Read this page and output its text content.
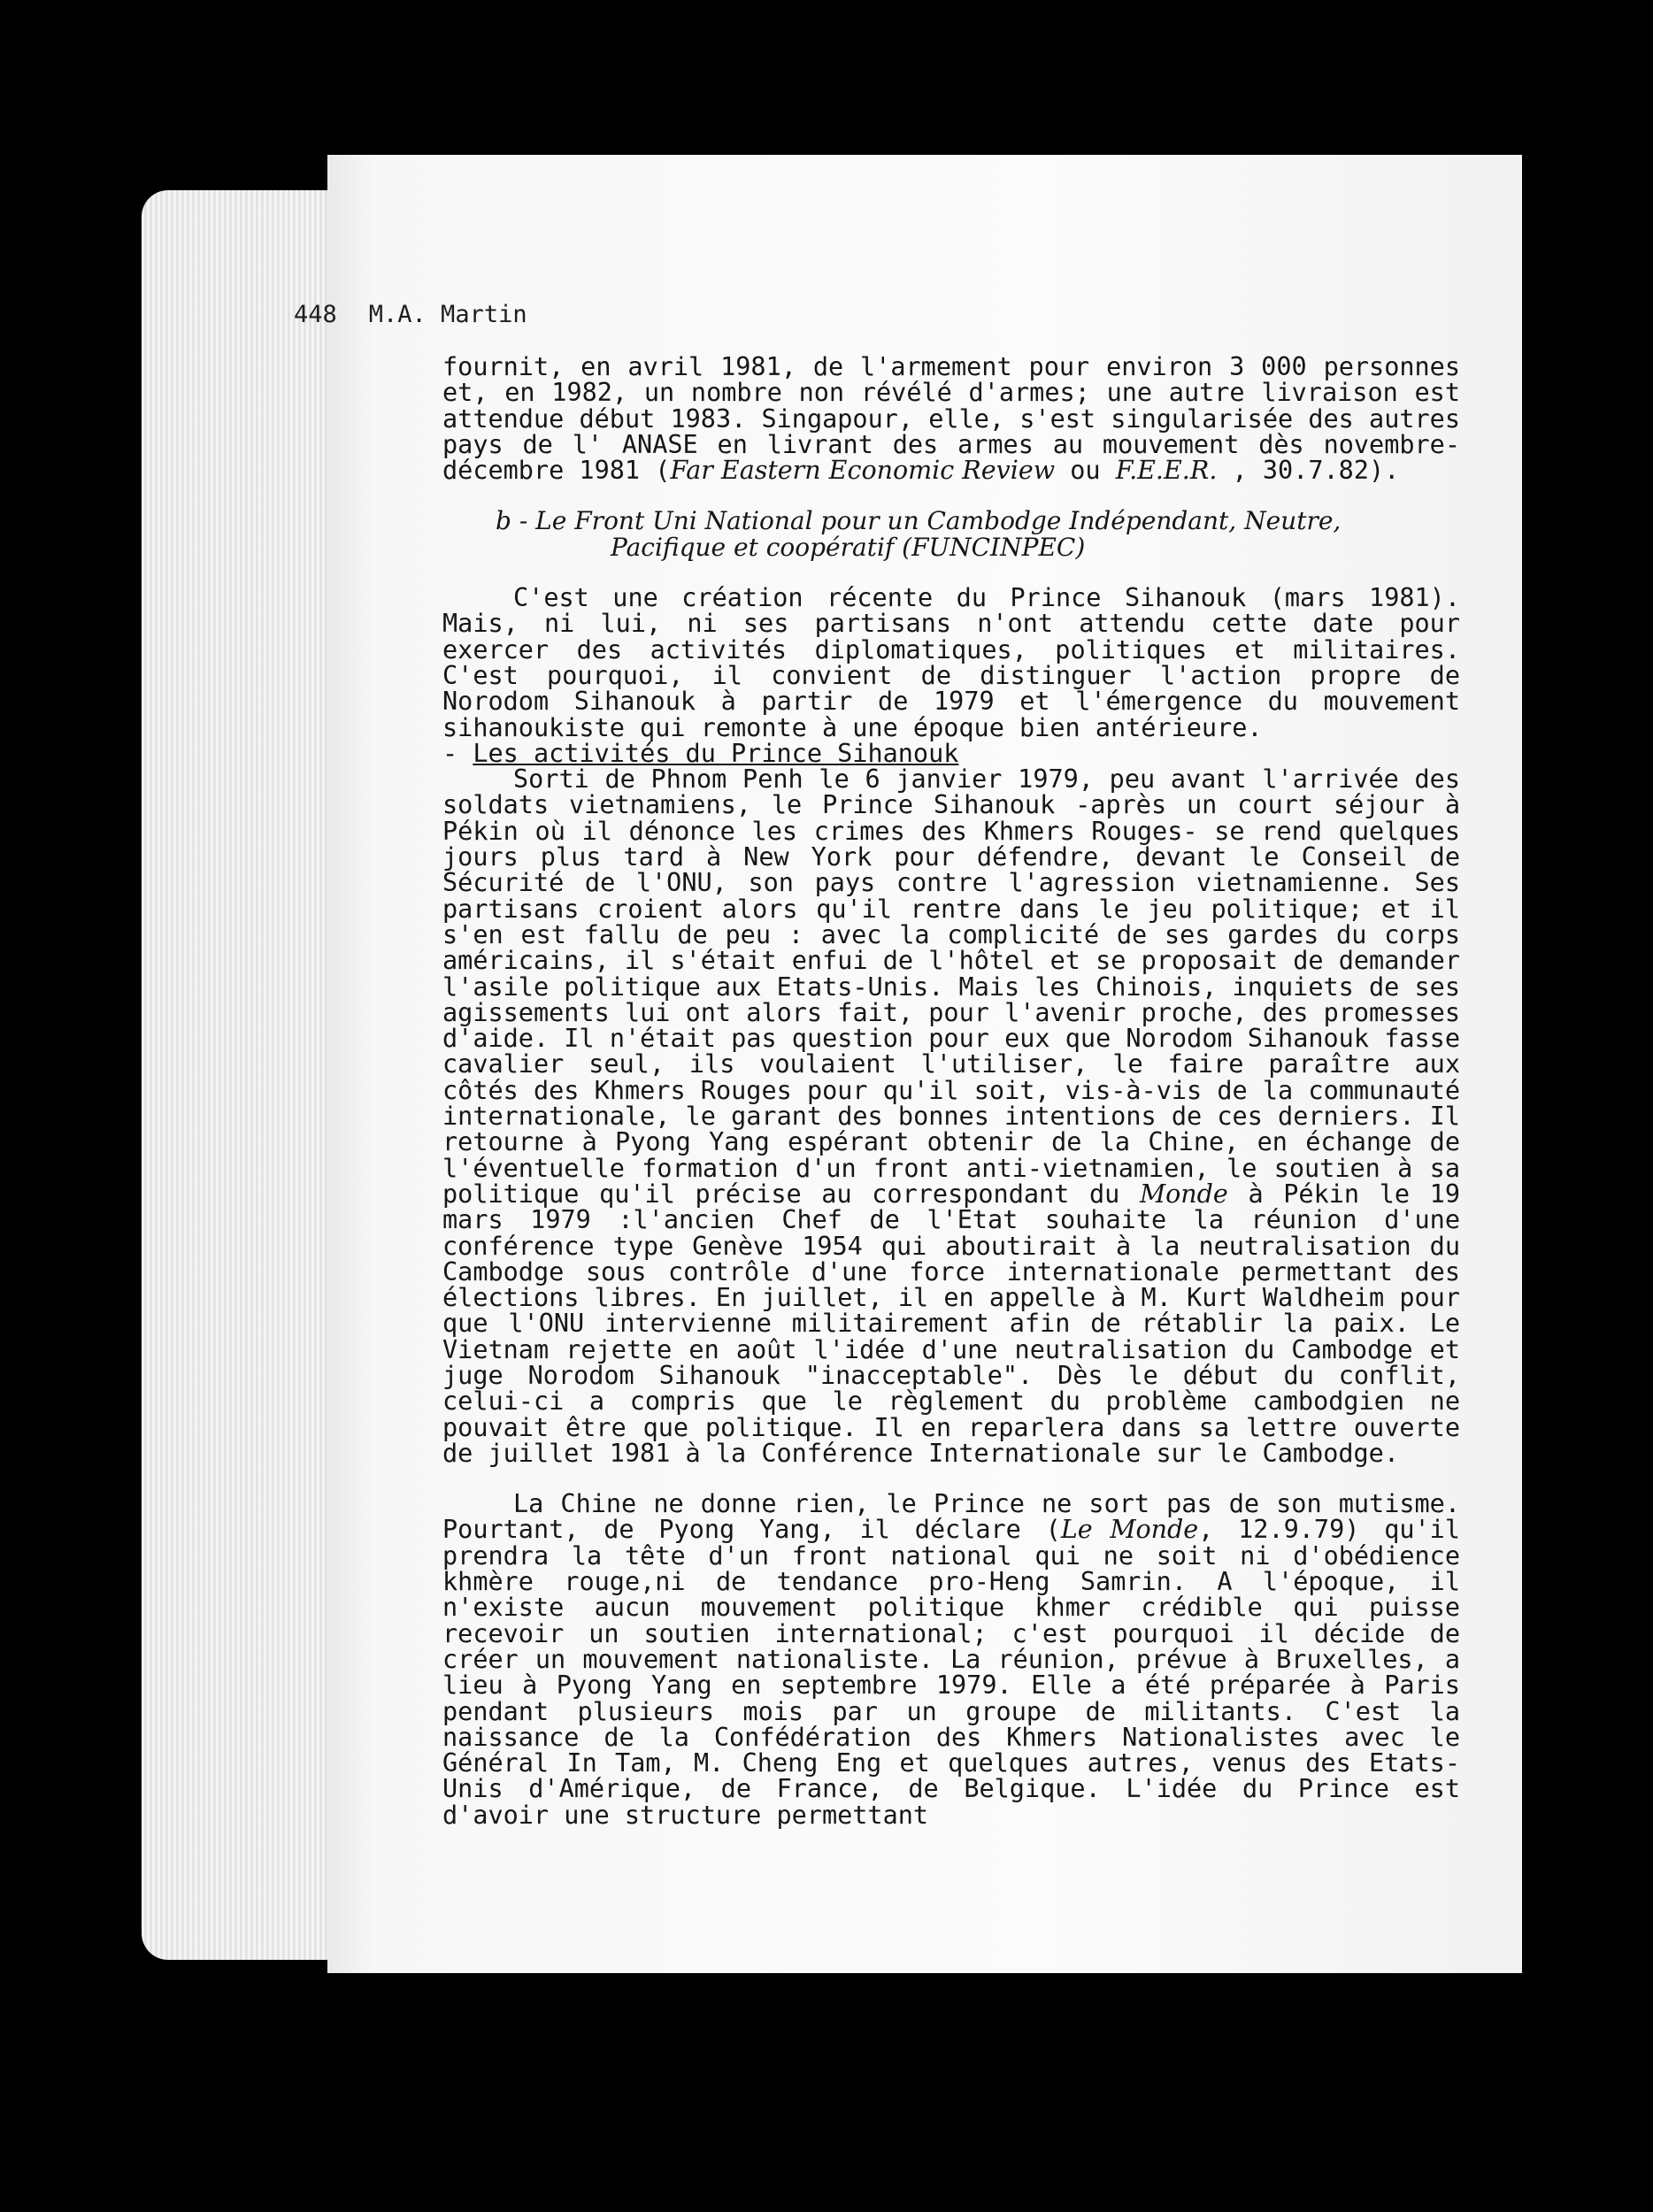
448 M.A. Martin

fournit, en avril 1981, de l'armement pour environ 3 000 personnes et, en 1982, un nombre non révélé d'armes; une autre livraison est attendue début 1983. Singapour, elle, s'est singularisée des autres pays de l' ANASE en livrant des armes au mouvement dès novembre-décembre 1981 (Far Eastern Economic Review ou F.E.E.R. , 30.7.82).

b - Le Front Uni National pour un Cambodge Indépendant, Neutre,
Pacifique et coopératif (FUNCINPEC)

C'est une création récente du Prince Sihanouk (mars 1981). Mais, ni lui, ni ses partisans n'ont attendu cette date pour exercer des activités diplomatiques, politiques et militaires. C'est pourquoi, il convient de distinguer l'action propre de Norodom Sihanouk à partir de 1979 et l'émergence du mouvement sihanoukiste qui remonte à une époque bien antérieure.

- Les activités du Prince Sihanouk

Sorti de Phnom Penh le 6 janvier 1979, peu avant l'arrivée des soldats vietnamiens, le Prince Sihanouk -après un court séjour à Pékin où il dénonce les crimes des Khmers Rouges- se rend quelques jours plus tard à New York pour défendre, devant le Conseil de Sécurité de l'ONU, son pays contre l'agression vietnamienne. Ses partisans croient alors qu'il rentre dans le jeu politique; et il s'en est fallu de peu : avec la complicité de ses gardes du corps américains, il s'était enfui de l'hôtel et se proposait de demander l'asile politique aux Etats-Unis. Mais les Chinois, inquiets de ses agissements lui ont alors fait, pour l'avenir proche, des promesses d'aide. Il n'était pas question pour eux que Norodom Sihanouk fasse cavalier seul, ils voulaient l'utiliser, le faire paraître aux côtés des Khmers Rouges pour qu'il soit, vis-à-vis de la communauté internationale, le garant des bonnes intentions de ces derniers. Il retourne à Pyong Yang espérant obtenir de la Chine, en échange de l'éventuelle formation d'un front anti-vietnamien, le soutien à sa politique qu'il précise au correspondant du Monde à Pékin le 19 mars 1979 :l'ancien Chef de l'Etat souhaite la réunion d'une conférence type Genève 1954 qui aboutirait à la neutralisation du Cambodge sous contrôle d'une force internationale permettant des élections libres. En juillet, il en appelle à M. Kurt Waldheim pour que l'ONU intervienne militairement afin de rétablir la paix. Le Vietnam rejette en août l'idée d'une neutralisation du Cambodge et juge Norodom Sihanouk "inacceptable". Dès le début du conflit, celui-ci a compris que le règlement du problème cambodgien ne pouvait être que politique. Il en reparlera dans sa lettre ouverte de juillet 1981 à la Conférence Internationale sur le Cambodge.

La Chine ne donne rien, le Prince ne sort pas de son mutisme. Pourtant, de Pyong Yang, il déclare (Le Monde, 12.9.79) qu'il prendra la tête d'un front national qui ne soit ni d'obédience khmère rouge,ni de tendance pro-Heng Samrin. A l'époque, il n'existe aucun mouvement politique khmer crédible qui puisse recevoir un soutien international; c'est pourquoi il décide de créer un mouvement nationaliste. La réunion, prévue à Bruxelles, a lieu à Pyong Yang en septembre 1979. Elle a été préparée à Paris pendant plusieurs mois par un groupe de militants. C'est la naissance de la Confédération des Khmers Nationalistes avec le Général In Tam, M. Cheng Eng et quelques autres, venus des Etats-Unis d'Amérique, de France, de Belgique. L'idée du Prince est d'avoir une structure permettant
